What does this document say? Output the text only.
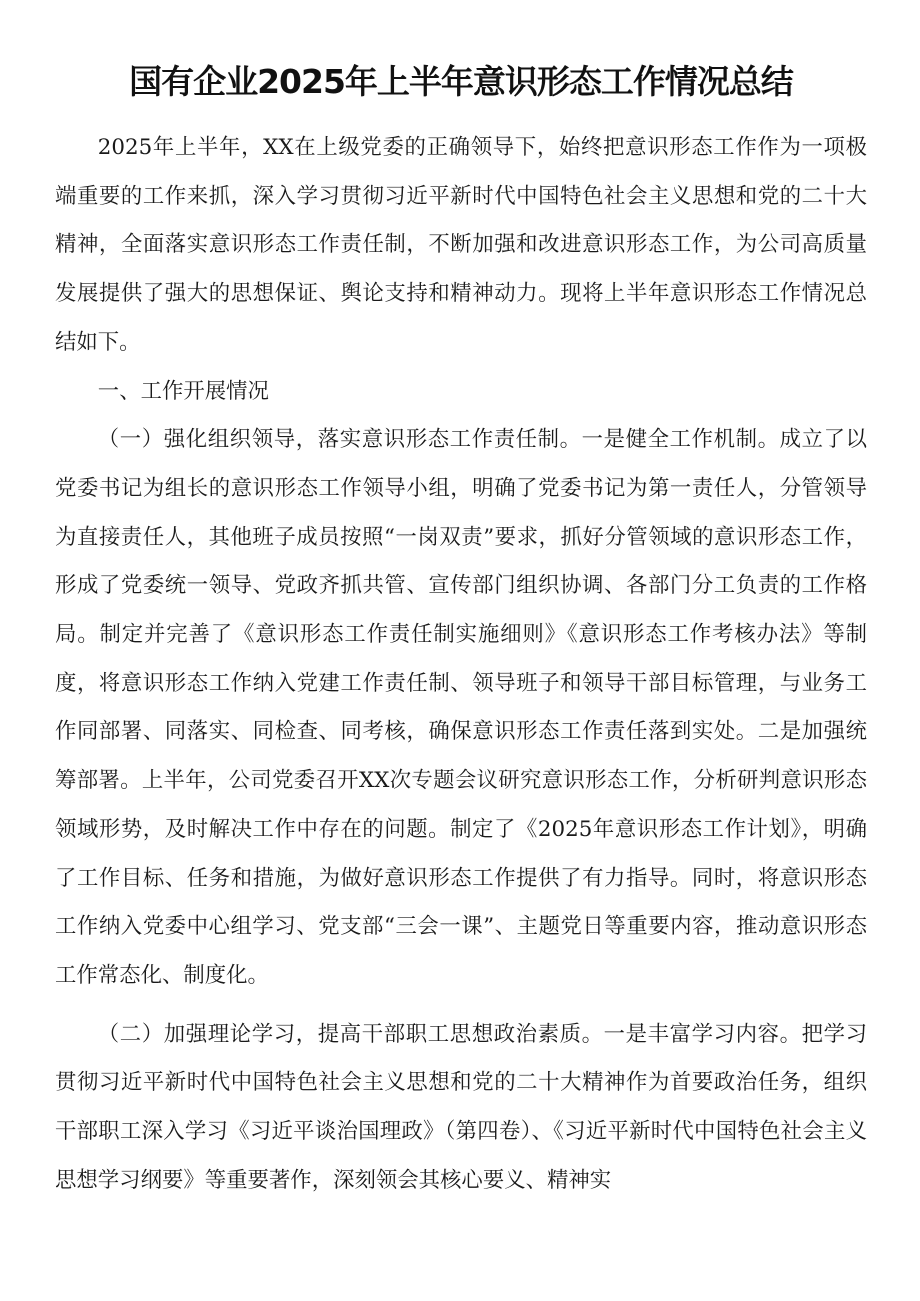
国有企业2025年上半年意识形态工作情况总结

2025年上半年，XX在上级党委的正确领导下，始终把意识形态工作作为一项极端重要的工作来抓，深入学习贯彻习近平新时代中国特色社会主义思想和党的二十大精神，全面落实意识形态工作责任制，不断加强和改进意识形态工作，为公司高质量发展提供了强大的思想保证、舆论支持和精神动力。现将上半年意识形态工作情况总结如下。

一、工作开展情况

（一）强化组织领导，落实意识形态工作责任制。一是健全工作机制。成立了以党委书记为组长的意识形态工作领导小组，明确了党委书记为第一责任人，分管领导为直接责任人，其他班子成员按照“一岗双责”要求，抓好分管领域的意识形态工作，形成了党委统一领导、党政齐抓共管、宣传部门组织协调、各部门分工负责的工作格局。制定并完善了《意识形态工作责任制实施细则》《意识形态工作考核办法》等制度，将意识形态工作纳入党建工作责任制、领导班子和领导干部目标管理，与业务工作同部署、同落实、同检查、同考核，确保意识形态工作责任落到实处。二是加强统筹部署。上半年，公司党委召开XX次专题会议研究意识形态工作，分析研判意识形态领域形势，及时解决工作中存在的问题。制定了《2025年意识形态工作计划》，明确了工作目标、任务和措施，为做好意识形态工作提供了有力指导。同时，将意识形态工作纳入党委中心组学习、党支部“三会一课”、主题党日等重要内容，推动意识形态工作常态化、制度化。

（二）加强理论学习，提高干部职工思想政治素质。一是丰富学习内容。把学习贯彻习近平新时代中国特色社会主义思想和党的二十大精神作为首要政治任务，组织干部职工深入学习《习近平谈治国理政》（第四卷）、《习近平新时代中国特色社会主义思想学习纲要》等重要著作，深刻领会其核心要义、精神实
